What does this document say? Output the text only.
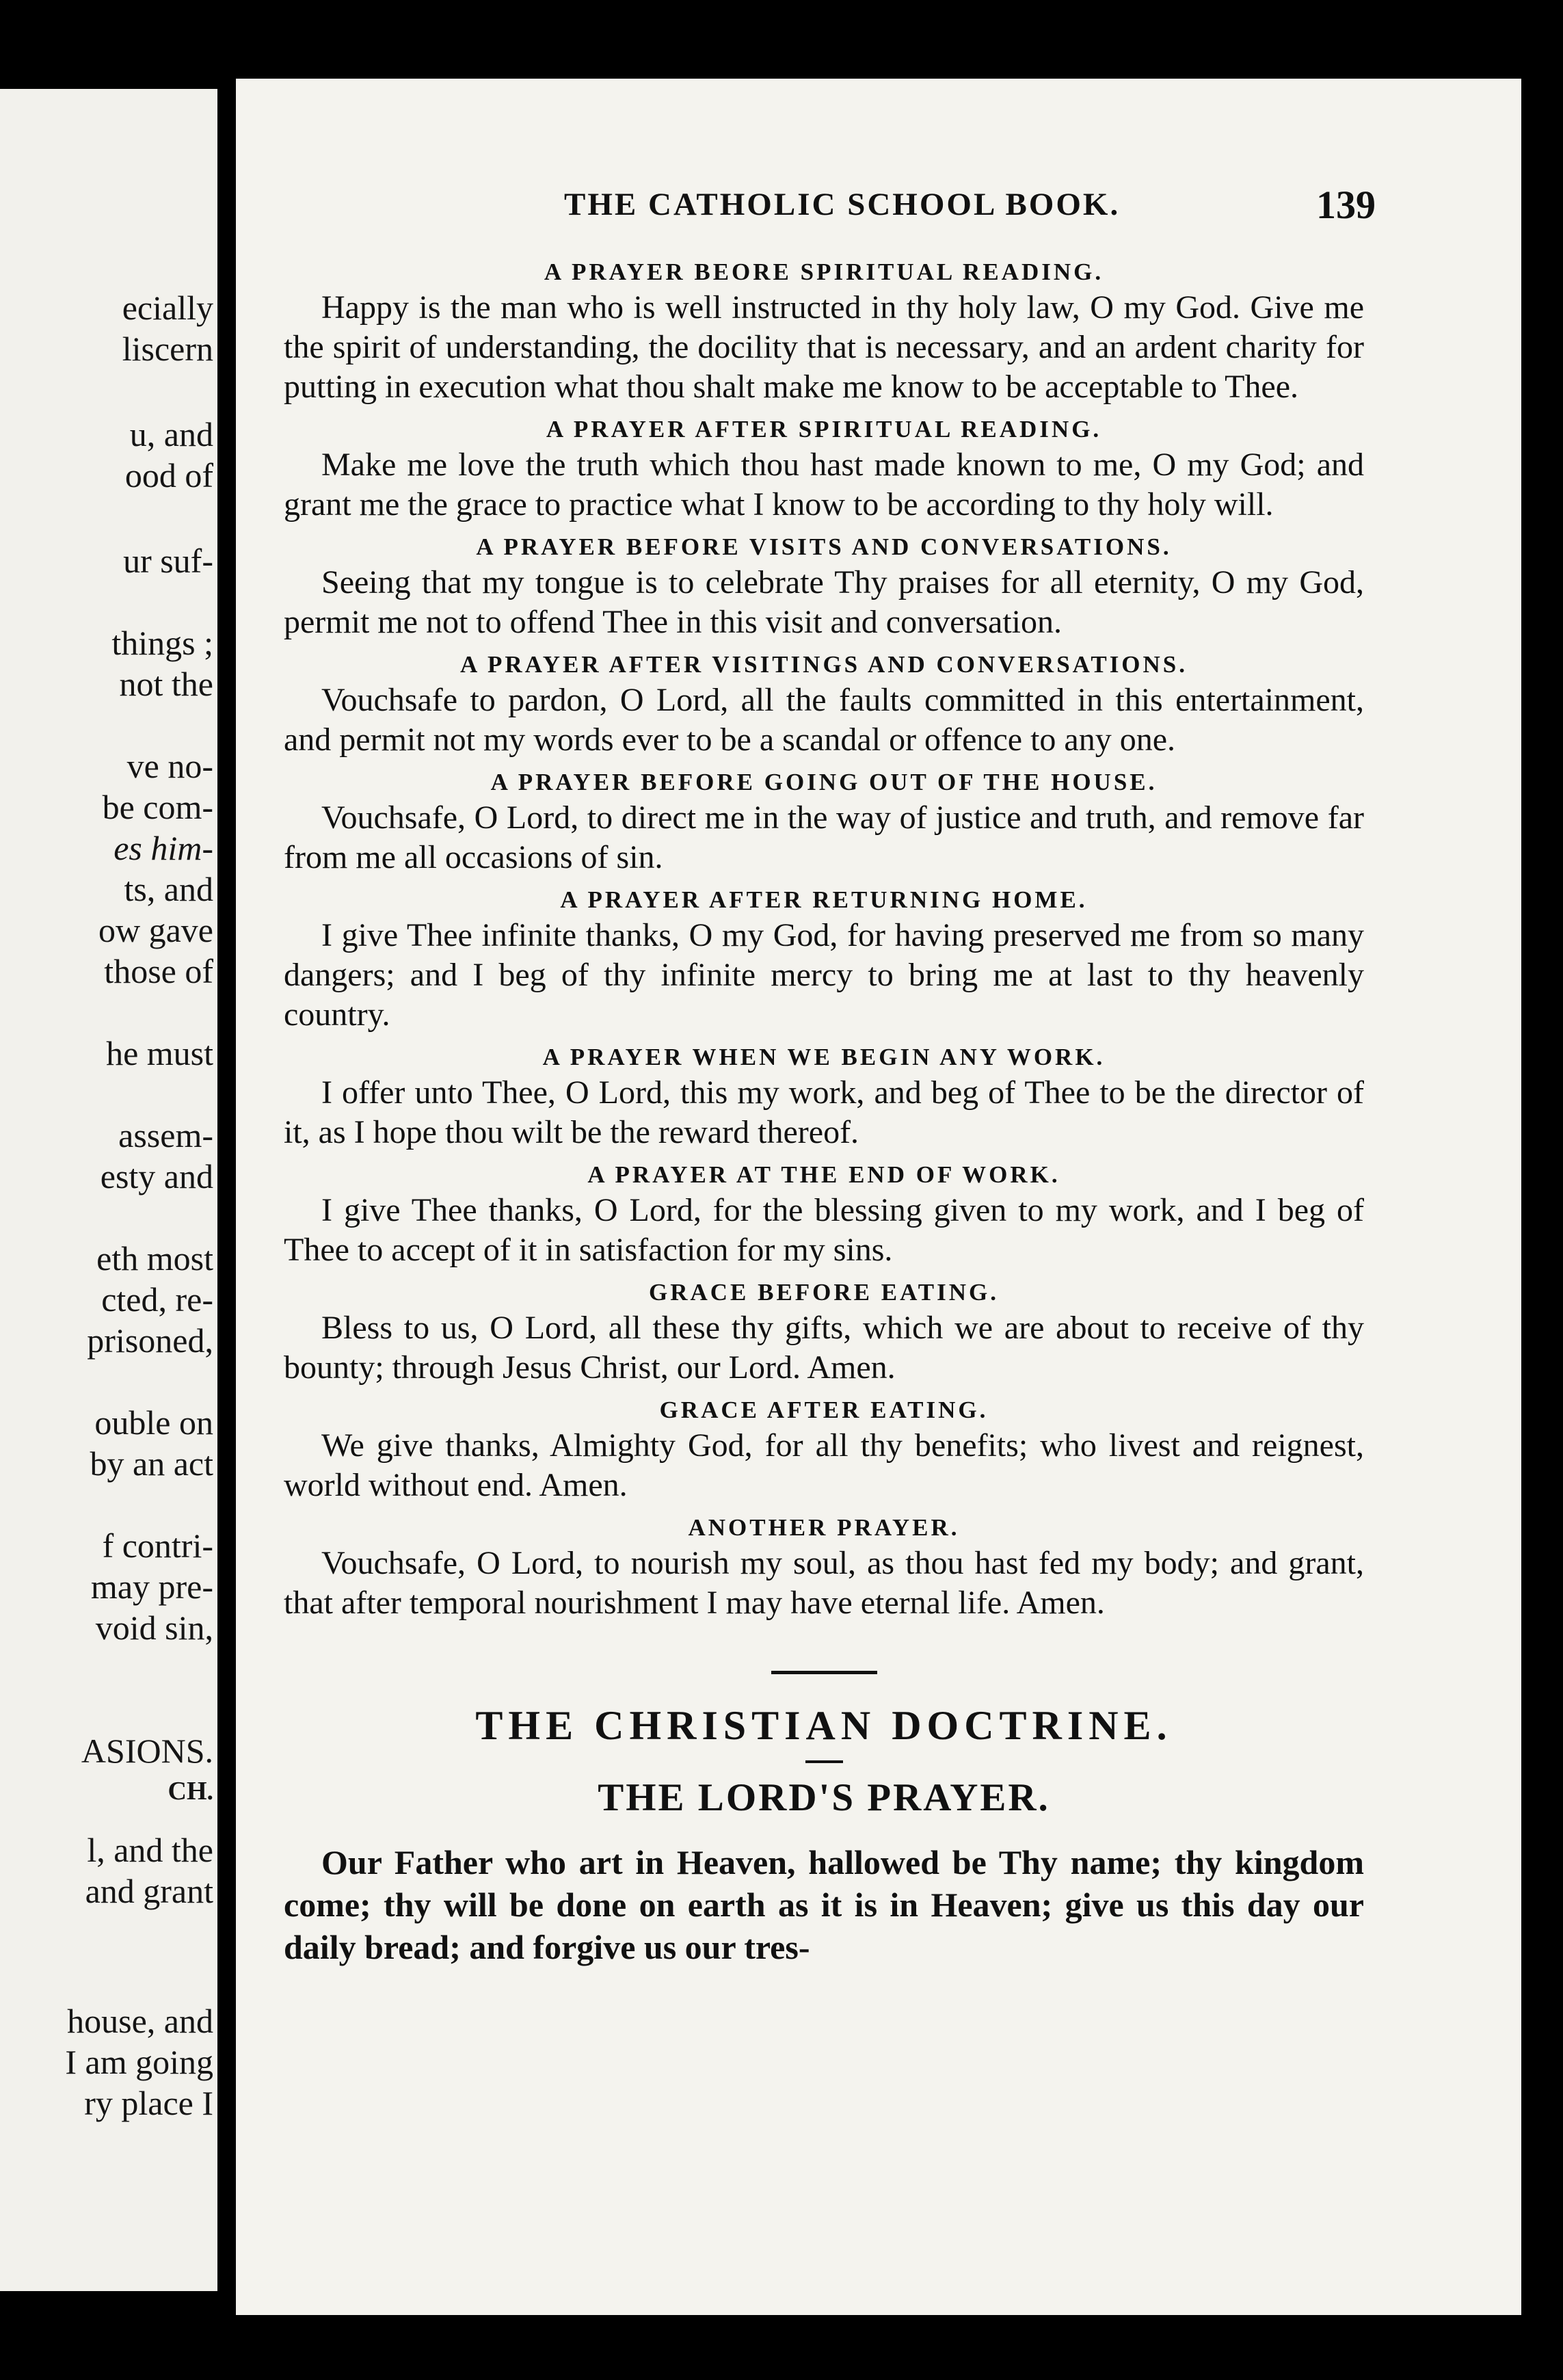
ecially
liscern
u, and
ood of
ur suf-
things ;
not the
ve no-
be com-
es him-
ts, and
ow gave
those of
he must
assem-
esty and
eth most
cted, re-
prisoned,
ouble on
by an act
f contri-
may pre-
void sin,
ASIONS.
CH.
l, and the
and grant
house, and
I am going
ry place I
THE CATHOLIC SCHOOL BOOK.	139
A PRAYER BEORE SPIRITUAL READING.

Happy is the man who is well instructed in thy holy law, O my God. Give me the spirit of understanding, the docility that is necessary, and an ardent charity for putting in execution what thou shalt make me know to be acceptable to Thee.

A PRAYER AFTER SPIRITUAL READING.

Make me love the truth which thou hast made known to me, O my God; and grant me the grace to practice what I know to be according to thy holy will.

A PRAYER BEFORE VISITS AND CONVERSATIONS.

Seeing that my tongue is to celebrate Thy praises for all eternity, O my God, permit me not to offend Thee in this visit and conversation.

A PRAYER AFTER VISITINGS AND CONVERSATIONS.

Vouchsafe to pardon, O Lord, all the faults committed in this entertainment, and permit not my words ever to be a scandal or offence to any one.

A PRAYER BEFORE GOING OUT OF THE HOUSE.

Vouchsafe, O Lord, to direct me in the way of justice and truth, and remove far from me all occasions of sin.

A PRAYER AFTER RETURNING HOME.

I give Thee infinite thanks, O my God, for having preserved me from so many dangers; and I beg of thy infinite mercy to bring me at last to thy heavenly country.

A PRAYER WHEN WE BEGIN ANY WORK.

I offer unto Thee, O Lord, this my work, and beg of Thee to be the director of it, as I hope thou wilt be the reward thereof.

A PRAYER AT THE END OF WORK.

I give Thee thanks, O Lord, for the blessing given to my work, and I beg of Thee to accept of it in satisfaction for my sins.

GRACE BEFORE EATING.

Bless to us, O Lord, all these thy gifts, which we are about to receive of thy bounty; through Jesus Christ, our Lord. Amen.

GRACE AFTER EATING.

We give thanks, Almighty God, for all thy benefits; who livest and reignest, world without end. Amen.

ANOTHER PRAYER.

Vouchsafe, O Lord, to nourish my soul, as thou hast fed my body; and grant, that after temporal nourishment I may have eternal life. Amen.

THE CHRISTIAN DOCTRINE.
THE LORD'S PRAYER.

Our Father who art in Heaven, hallowed be Thy name; thy kingdom come; thy will be done on earth as it is in Heaven; give us this day our daily bread; and forgive us our tres-
